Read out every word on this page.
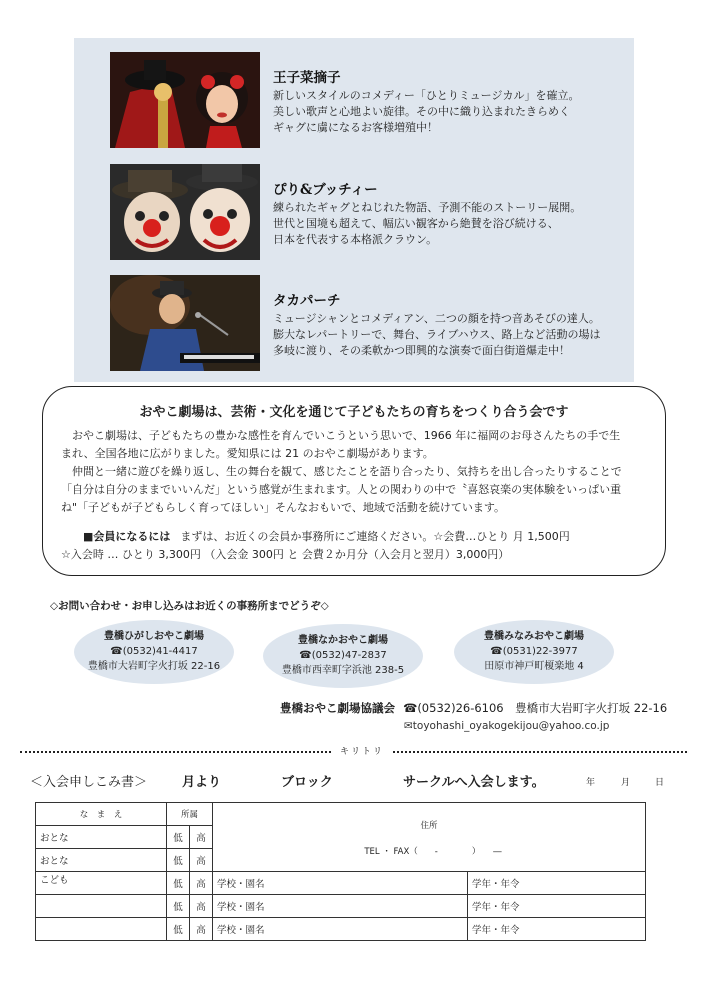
王子菜摘子
新しいスタイルのコメディー「ひとりミュージカル」を確立。
美しい歌声と心地よい旋律。その中に織り込まれたきらめく
ギャグに虜になるお客様増殖中！
ぴり&ブッチィー
練られたギャグとねじれた物語、予測不能のストーリー展開。
世代と国境も超えて、幅広い観客から絶賛を浴び続ける、
日本を代表する本格派クラウン。
タカパーチ
ミュージシャンとコメディアン、二つの顔を持つ音あそびの達人。
膨大なレパートリーで、舞台、ライブハウス、路上など活動の場は
多岐に渡り、その柔軟かつ即興的な演奏で面白街道爆走中！
おやこ劇場は、芸術・文化を通じて子どもたちの育ちをつくり合う会です
　おやこ劇場は、子どもたちの豊かな感性を育んでいこうという思いで、1966 年に福岡のお母さんたちの手で生
まれ、全国各地に広がりました。愛知県には 21 のおやこ劇場があります。
　仲間と一緒に遊びを繰り返し、生の舞台を観て、感じたことを語り合ったり、気持ちを出し合ったりすることで
「自分は自分のままでいいんだ」という感覚が生まれます。人との関わりの中で〝喜怒哀楽の実体験をいっぱい重
ね"「子どもが子どもらしく育ってほしい」そんなおもいで、地域で活動を続けています。
■会員になるには まずは、お近くの会員か事務所にご連絡ください。☆会費…ひとり 月 1,500円
☆入会時 … ひとり 3,300円 （入会金 300円 と 会費２か月分（入会月と翌月）3,000円）
◇お問い合わせ・お申し込みはお近くの事務所までどうぞ◇
豊橋ひがしおやこ劇場
☎(0532)41-4417
豊橋市大岩町字火打坂 22-16
豊橋なかおやこ劇場
☎(0532)47-2837
豊橋市西幸町字浜池 238-5
豊橋みなみおやこ劇場
☎(0531)22-3977
田原市神戸町榎楽地 4
豊橋おやこ劇場協議会 ☎(0532)26-6106　豊橋市大岩町字火打坂 22-16
✉toyohashi_oyakogekijou@yahoo.co.jp
キリトリ
＜入会申しこみ書＞	月より	ブロック	サークルへ入会します。	年	月	日
な　ま　え	所属		住所
TEL ・ FAX（　　-　　　　）　　―	

おとな	低	高		
おとな	低	高		
こども	低	高	学校・園名	学年・年令
	低	高	学校・園名	学年・年令
	低	高	学校・園名	学年・年令
